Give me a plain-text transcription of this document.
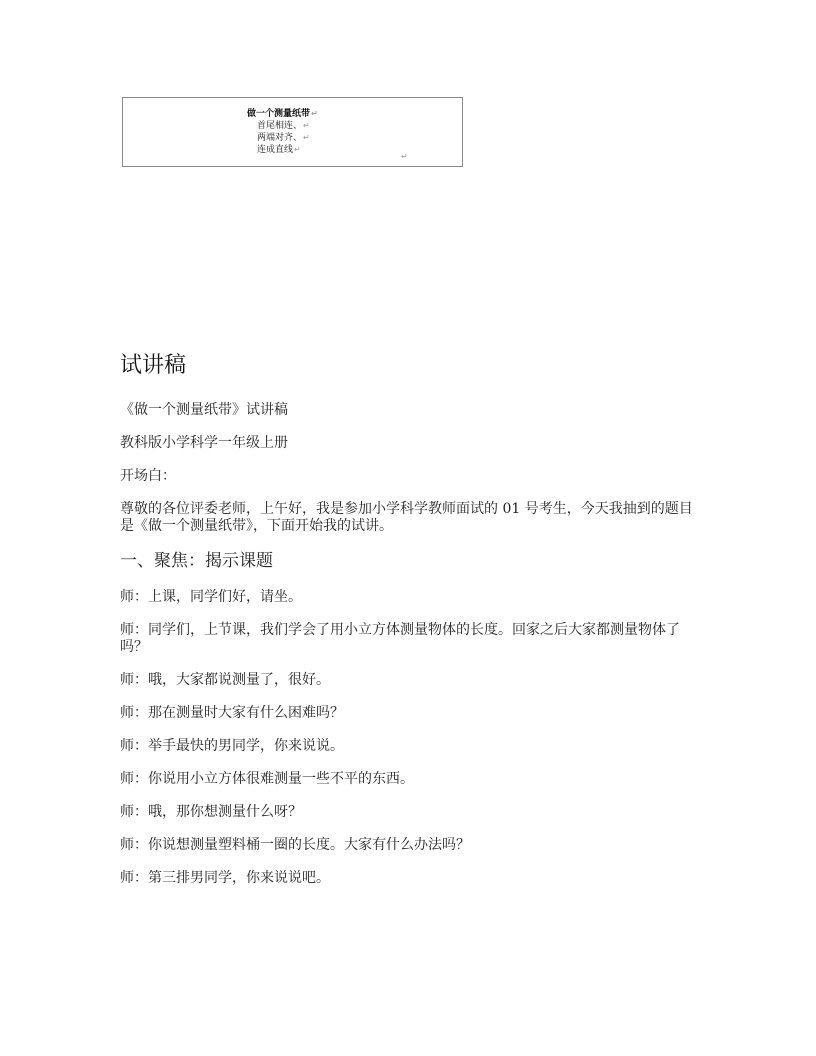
做一个测量纸带↵
首尾相连、↵
两端对齐、↵
连成直线↵
↵
试讲稿

《做一个测量纸带》试讲稿

教科版小学科学一年级上册

开场白：

尊敬的各位评委老师，上午好，我是参加小学科学教师面试的 01 号考生，今天我抽到的题目是《做一个测量纸带》，下面开始我的试讲。

一、聚焦：揭示课题

师：上课，同学们好，请坐。

师：同学们，上节课，我们学会了用小立方体测量物体的长度。回家之后大家都测量物体了吗？

师：哦，大家都说测量了，很好。

师：那在测量时大家有什么困难吗？

师：举手最快的男同学，你来说说。

师：你说用小立方体很难测量一些不平的东西。

师：哦，那你想测量什么呀？

师：你说想测量塑料桶一圈的长度。大家有什么办法吗？

师：第三排男同学，你来说说吧。
